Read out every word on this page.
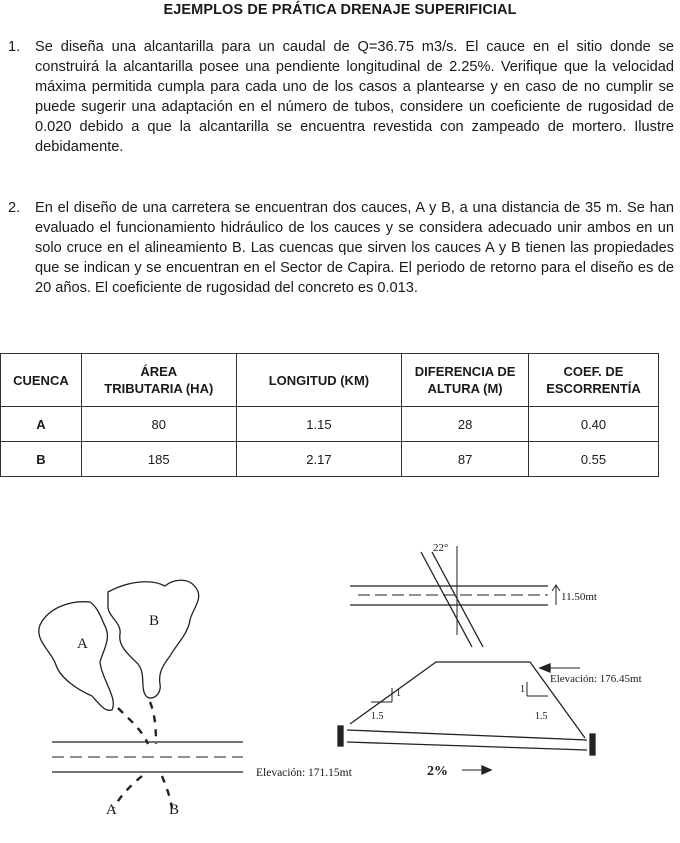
EJEMPLOS DE PRÁTICA DRENAJE SUPERIFICIAL
1.	Se diseña una alcantarilla para un caudal de Q=36.75 m3/s. El cauce en el sitio donde se construirá la alcantarilla posee una pendiente longitudinal de 2.25%. Verifique que la velocidad máxima permitida cumpla para cada uno de los casos a plantearse y en caso de no cumplir se puede sugerir una adaptación en el número de tubos, considere un coeficiente de rugosidad de 0.020 debido a que la alcantarilla se encuentra revestida con zampeado de mortero. Ilustre debidamente.
2.	En el diseño de una carretera se encuentran dos cauces, A y B, a una distancia de 35 m. Se han evaluado el funcionamiento hidráulico de los cauces y se considera adecuado unir ambos en un solo cruce en el alineamiento B. Las cuencas que sirven los cauces A y B tienen las propiedades que se indican y se encuentran en el Sector de Capira. El periodo de retorno para el diseño es de 20 años. El coeficiente de rugosidad del concreto es 0.013.
CUENCA	ÁREA TRIBUTARIA (HA)	LONGITUD (KM)	DIFERENCIA DE ALTURA (M)	COEF. DE ESCORRENTÍA
A	80	1.15	28	0.40
B	185	2.17	87	0.55
B
A
A	B
22°
11.50mt
Elevación: 176.45mt
Elevación: 171.15mt
1
1.5
1
1.5
2%
